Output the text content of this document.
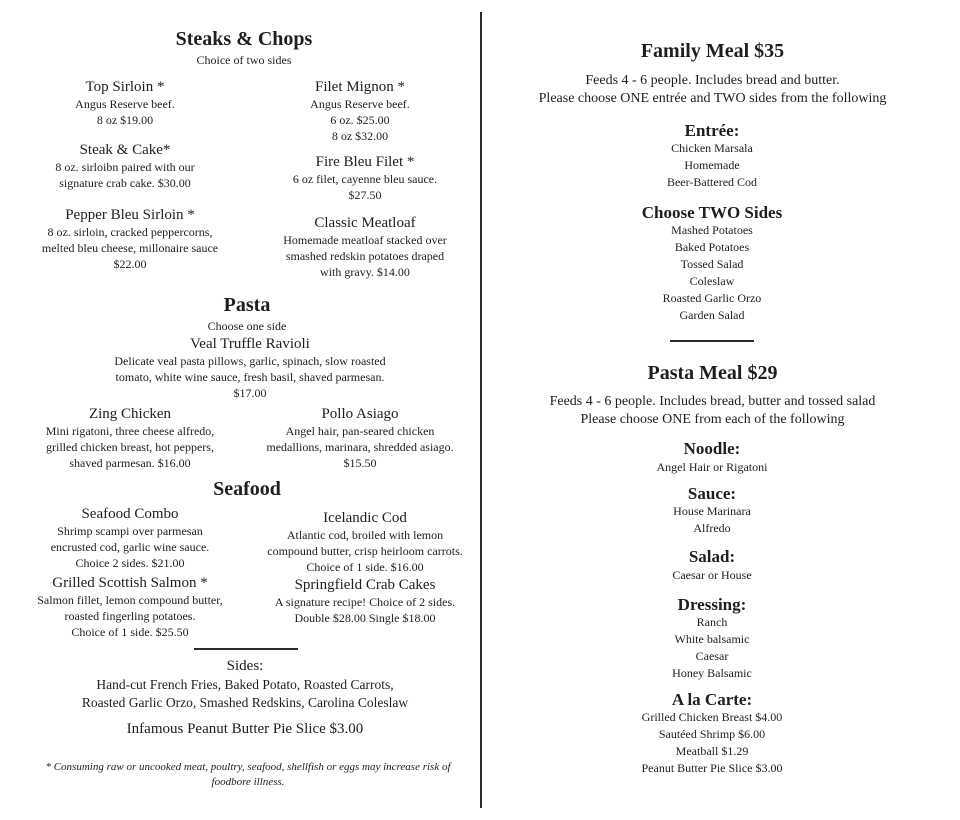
Steaks & Chops
Choice of two sides
Top Sirloin *
Angus Reserve beef.
8 oz $19.00
Filet Mignon *
Angus Reserve beef.
6 oz. $25.00
8 oz $32.00
Steak & Cake*
8 oz. sirloibn paired with our
signature crab cake. $30.00
Fire Bleu Filet *
6 oz filet, cayenne bleu sauce.
$27.50
Pepper Bleu Sirloin *
8 oz. sirloin, cracked peppercorns,
melted bleu cheese, millonaire sauce
$22.00
Classic Meatloaf
Homemade meatloaf stacked over
smashed redskin potatoes draped
with gravy. $14.00
Pasta
Choose one side
Veal Truffle Ravioli
Delicate veal pasta pillows, garlic, spinach, slow roasted
tomato, white wine sauce, fresh basil, shaved parmesan.
$17.00
Zing Chicken
Mini rigatoni, three cheese alfredo,
grilled chicken breast, hot peppers,
shaved parmesan. $16.00
Pollo Asiago
Angel hair, pan-seared chicken
medallions, marinara, shredded asiago.
$15.50
Seafood
Seafood Combo
Shrimp scampi over parmesan
encrusted cod, garlic wine sauce.
Choice 2 sides. $21.00
Icelandic Cod
Atlantic cod, broiled with lemon
compound butter, crisp heirloom carrots.
Choice of 1 side. $16.00
Grilled Scottish Salmon *
Salmon fillet, lemon compound butter,
roasted fingerling potatoes.
Choice of 1 side. $25.50
Springfield Crab Cakes
A signature recipe! Choice of 2 sides.
Double $28.00 Single $18.00
Sides:
Hand-cut French Fries, Baked Potato, Roasted Carrots,
Roasted Garlic Orzo, Smashed Redskins, Carolina Coleslaw
Infamous Peanut Butter Pie Slice $3.00
* Consuming raw or uncooked meat, poultry, seafood, shellfish or eggs may increase risk of
foodbore illness.
Family Meal $35
Feeds 4 - 6 people. Includes bread and butter.
Please choose ONE entrée and TWO sides from the following
Entrée:
Chicken Marsala
Homemade
Beer-Battered Cod
Choose TWO Sides
Mashed Potatoes
Baked Potatoes
Tossed Salad
Coleslaw
Roasted Garlic Orzo
Garden Salad
Pasta Meal $29
Feeds 4 - 6 people. Includes bread, butter and tossed salad
Please choose ONE from each of the following
Noodle:
Angel Hair or Rigatoni
Sauce:
House Marinara
Alfredo
Salad:
Caesar or House
Dressing:
Ranch
White balsamic
Caesar
Honey Balsamic
A la Carte:
Grilled Chicken Breast $4.00
Sautéed Shrimp $6.00
Meatball $1.29
Peanut Butter Pie Slice $3.00
